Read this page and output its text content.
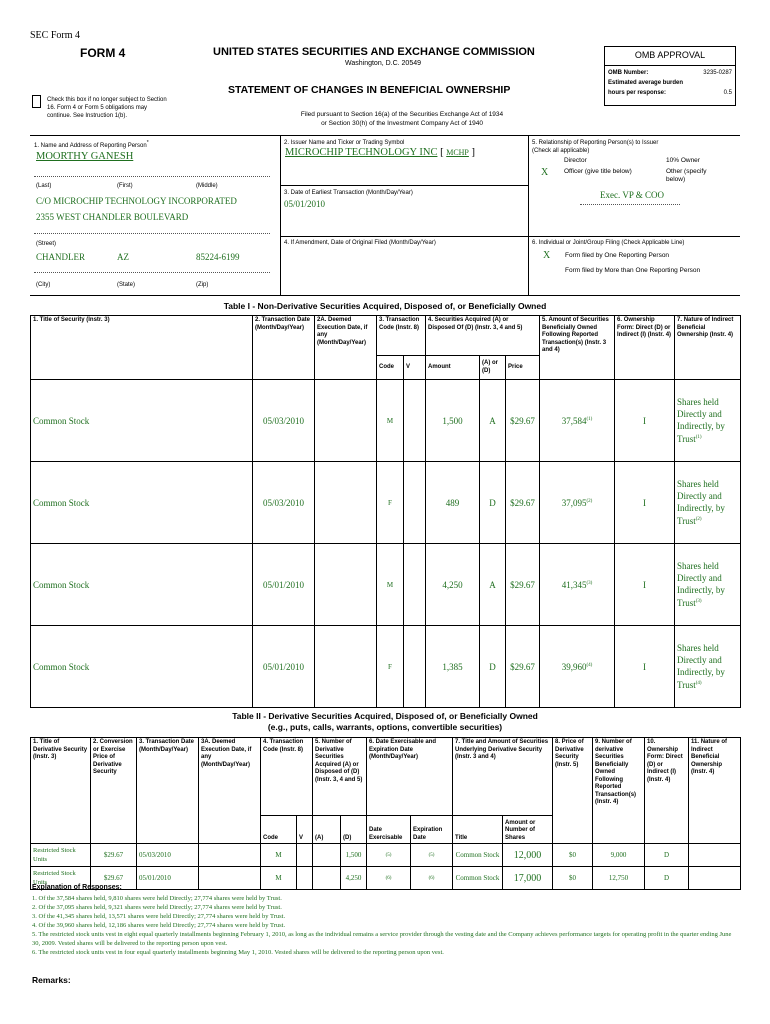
SEC Form 4
FORM 4	UNITED STATES SECURITIES AND EXCHANGE COMMISSION
Washington, D.C. 20549
OMB APPROVAL
OMB Number:	3235-0287
Estimated average burden
hours per response:	0.5
STATEMENT OF CHANGES IN BENEFICIAL OWNERSHIP
Check this box if no longer subject to Section 16. Form 4 or Form 5 obligations may continue. See Instruction 1(b).	Filed pursuant to Section 16(a) of the Securities Exchange Act of 1934
or Section 30(h) of the Investment Company Act of 1940
1. Name and Address of Reporting Person*
MOORTHY GANESH
(Last)	(First)	(Middle)
C/O MICROCHIP TECHNOLOGY INCORPORATED
2355 WEST CHANDLER BOULEVARD
(Street)
CHANDLER	AZ	85224-6199
(City)	(State)	(Zip)
2. Issuer Name and Ticker or Trading Symbol
MICROCHIP TECHNOLOGY INC [ MCHP ]
3. Date of Earliest Transaction (Month/Day/Year)
05/01/2010
4. If Amendment, Date of Original Filed (Month/Day/Year)
5. Relationship of Reporting Person(s) to Issuer
(Check all applicable)
Director	10% Owner
X Officer (give title below)	Other (specify below)
Exec. VP & COO
6. Individual or Joint/Group Filing (Check Applicable Line)
X Form filed by One Reporting Person
Form filed by More than One Reporting Person
Table I - Non-Derivative Securities Acquired, Disposed of, or Beneficially Owned
1. Title of Security (Instr. 3)	2. Transaction Date (Month/Day/Year)	2A. Deemed Execution Date, if any (Month/Day/Year)	3. Transaction Code (Instr. 8)		4. Securities Acquired (A) or Disposed Of (D) (Instr. 3, 4 and 5)			5. Amount of Securities Beneficially Owned Following Reported Transaction(s) (Instr. 3 and 4)	6. Ownership Form: Direct (D) or Indirect (I) (Instr. 4)	7. Nature of Indirect Beneficial Ownership (Instr. 4)
			Code	V	Amount	(A) or (D)	Price			
Common Stock	05/03/2010		M		1,500	A	$29.67	37,584$^{(1)}$	I	Shares held Directly and Indirectly, by Trust$^{(1)}$
Common Stock	05/03/2010		F		489	D	$29.67	37,095$^{(2)}$	I	Shares held Directly and Indirectly, by Trust$^{(2)}$
Common Stock	05/01/2010		M		4,250	A	$29.67	41,345$^{(3)}$	I	Shares held Directly and Indirectly, by Trust$^{(3)}$
Common Stock	05/01/2010		F		1,385	D	$29.67	39,960$^{(4)}$	I	Shares held Directly and Indirectly, by Trust$^{(4)}$
Table II - Derivative Securities Acquired, Disposed of, or Beneficially Owned
(e.g., puts, calls, warrants, options, convertible securities)
1. Title of Derivative Security (Instr. 3)	2. Conversion or Exercise Price of Derivative Security	3. Transaction Date (Month/Day/Year)	3A. Deemed Execution Date, if any (Month/Day/Year)	4. Transaction Code (Instr. 8)		5. Number of Derivative Securities Acquired (A) or Disposed of (D) (Instr. 3, 4 and 5)		6. Date Exercisable and Expiration Date (Month/Day/Year)		7. Title and Amount of Securities Underlying Derivative Security (Instr. 3 and 4)		8. Price of Derivative Security (Instr. 5)	9. Number of derivative Securities Beneficially Owned Following Reported Transaction(s) (Instr. 4)	10. Ownership Form: Direct (D) or Indirect (I) (Instr. 4)	11. Nature of Indirect Beneficial Ownership (Instr. 4)
				Code	V	(A)	(D)	Date Exercisable	Expiration Date	Title	Amount or Number of Shares				
Restricted Stock Units	$29.67	05/03/2010		M			1,500	(5)	(5)	Common Stock	12,000	$0	9,000	D	
Restricted Stock Units	$29.67	05/01/2010		M			4,250	(6)	(6)	Common Stock	17,000	$0	12,750	D	
Explanation of Responses:
1. Of the 37,584 shares held, 9,810 shares were held Directly; 27,774 shares were held by Trust.
2. Of the 37,095 shares held, 9,321 shares were held Directly; 27,774 shares were held by Trust.
3. Of the 41,345 shares held, 13,571 shares were held Directly; 27,774 shares were held by Trust.
4. Of the 39,960 shares held, 12,186 shares were held Directly; 27,774 shares were held by Trust.
5. The restricted stock units vest in eight equal quarterly installments beginning February 1, 2010, as long as the individual remains a service provider through the vesting date and the Company achieves performance targets for operating profit in the quarter ending June 30, 2009. Vested shares will be delivered to the reporting person upon vest.
6. The restricted stock units vest in four equal quarterly installments beginning May 1, 2010. Vested shares will be delivered to the reporting person upon vest.
Remarks:
